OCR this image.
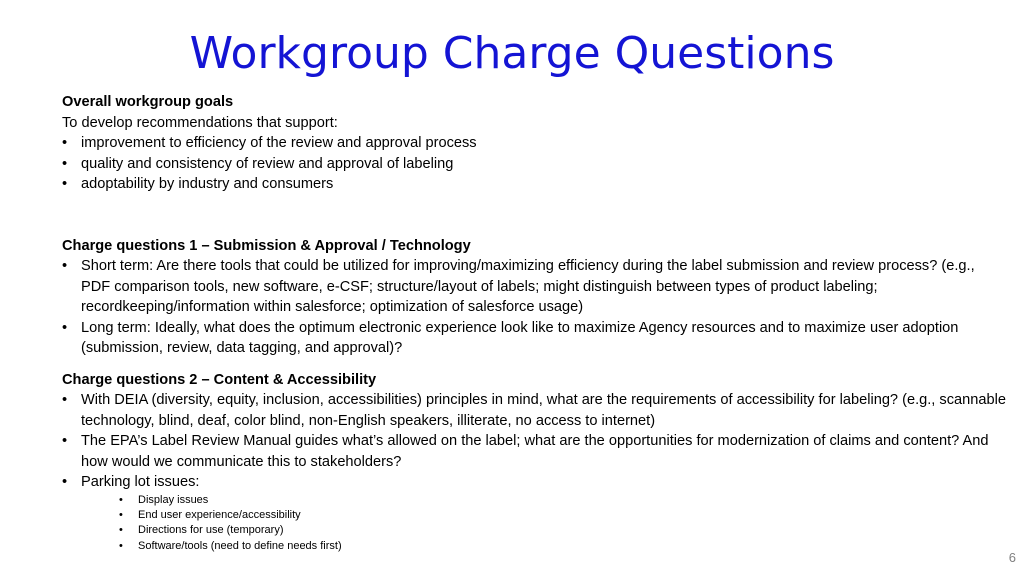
Workgroup Charge Questions

Overall workgroup goals

To develop recommendations that support:

• improvement to efficiency of the review and approval process
• quality and consistency of review and approval of labeling
• adoptability by industry and consumers

Charge questions 1 – Submission & Approval / Technology

• Short term: Are there tools that could be utilized for improving/maximizing efficiency during the label submission and review process? (e.g., PDF comparison tools, new software, e-CSF; structure/layout of labels; might distinguish between types of product labeling; recordkeeping/information within salesforce; optimization of salesforce usage)
• Long term: Ideally, what does the optimum electronic experience look like to maximize Agency resources and to maximize user adoption (submission, review, data tagging, and approval)?

Charge questions 2 – Content & Accessibility

• With DEIA (diversity, equity, inclusion, accessibilities) principles in mind, what are the requirements of accessibility for labeling? (e.g., scannable technology, blind, deaf, color blind, non-English speakers, illiterate, no access to internet)
• The EPA’s Label Review Manual guides what’s allowed on the label; what are the opportunities for modernization of claims and content? And how would we communicate this to stakeholders?
• Parking lot issues:
• Display issues
• End user experience/accessibility
• Directions for use (temporary)
• Software/tools (need to define needs first)
6
